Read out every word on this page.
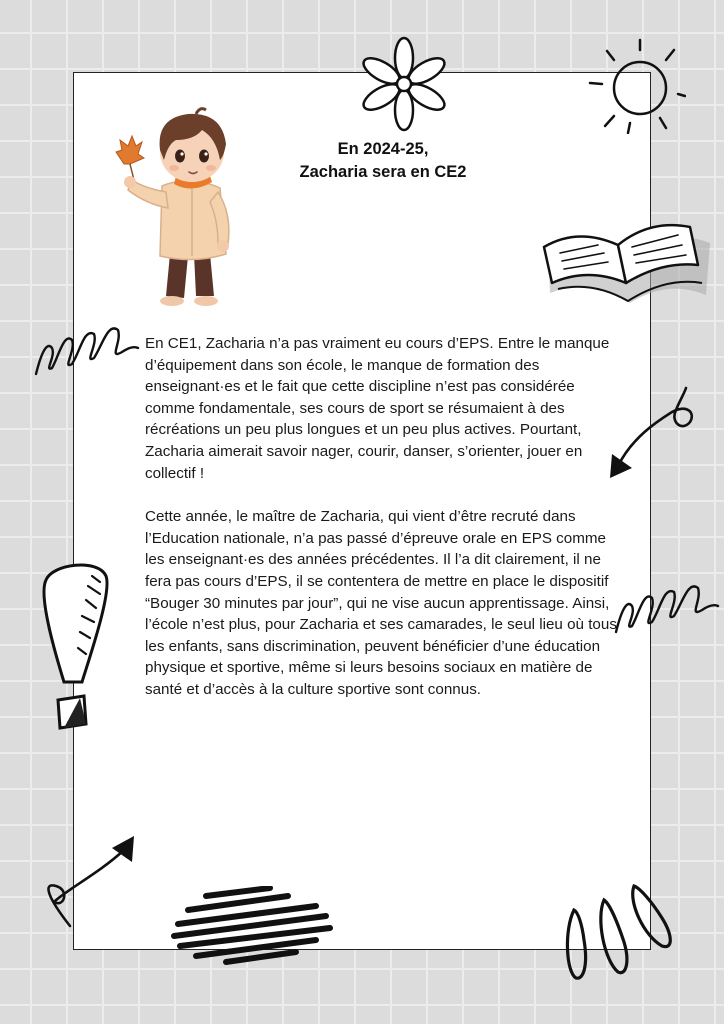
En 2024-25,
Zacharia sera en CE2

En CE1, Zacharia n’a pas vraiment eu cours d’EPS. Entre le manque d’équipement dans son école, le manque de formation des enseignant·es et le fait que cette discipline n’est pas considérée comme fondamentale, ses cours de sport se résumaient à des récréations un peu plus longues et un peu plus actives. Pourtant, Zacharia aimerait savoir nager, courir, danser, s’orienter, jouer en collectif !

Cette année, le maître de Zacharia, qui vient d’être recruté dans l’Education nationale, n’a pas passé d’épreuve orale en EPS comme les enseignant·es des années précédentes. Il l’a dit clairement, il ne fera pas cours d’EPS, il se contentera de mettre en place le dispositif “Bouger 30 minutes par jour”, qui ne vise aucun apprentissage. Ainsi, l’école n’est plus, pour Zacharia et ses camarades, le seul lieu où tous les enfants, sans discrimination, peuvent bénéficier d’une éducation physique et sportive, même si leurs besoins sociaux en matière de santé et d’accès à la culture sportive sont connus.
